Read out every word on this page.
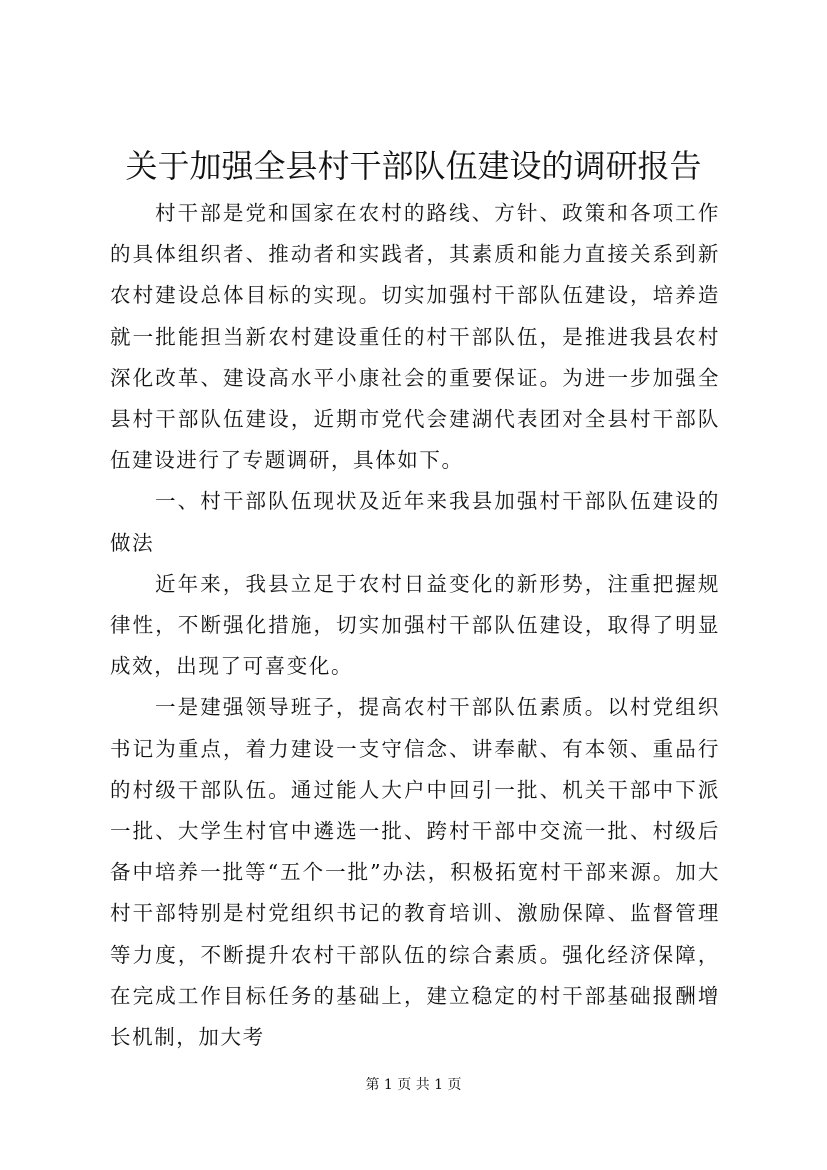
关于加强全县村干部队伍建设的调研报告

村干部是党和国家在农村的路线、方针、政策和各项工作的具体组织者、推动者和实践者，其素质和能力直接关系到新农村建设总体目标的实现。切实加强村干部队伍建设，培养造就一批能担当新农村建设重任的村干部队伍，是推进我县农村深化改革、建设高水平小康社会的重要保证。为进一步加强全县村干部队伍建设，近期市党代会建湖代表团对全县村干部队伍建设进行了专题调研，具体如下。

一、村干部队伍现状及近年来我县加强村干部队伍建设的做法

近年来，我县立足于农村日益变化的新形势，注重把握规律性，不断强化措施，切实加强村干部队伍建设，取得了明显成效，出现了可喜变化。

一是建强领导班子，提高农村干部队伍素质。以村党组织书记为重点，着力建设一支守信念、讲奉献、有本领、重品行的村级干部队伍。通过能人大户中回引一批、机关干部中下派一批、大学生村官中遴选一批、跨村干部中交流一批、村级后备中培养一批等“五个一批”办法，积极拓宽村干部来源。加大村干部特别是村党组织书记的教育培训、激励保障、监督管理等力度，不断提升农村干部队伍的综合素质。强化经济保障，在完成工作目标任务的基础上，建立稳定的村干部基础报酬增长机制，加大考

第 1 页 共 1 页
